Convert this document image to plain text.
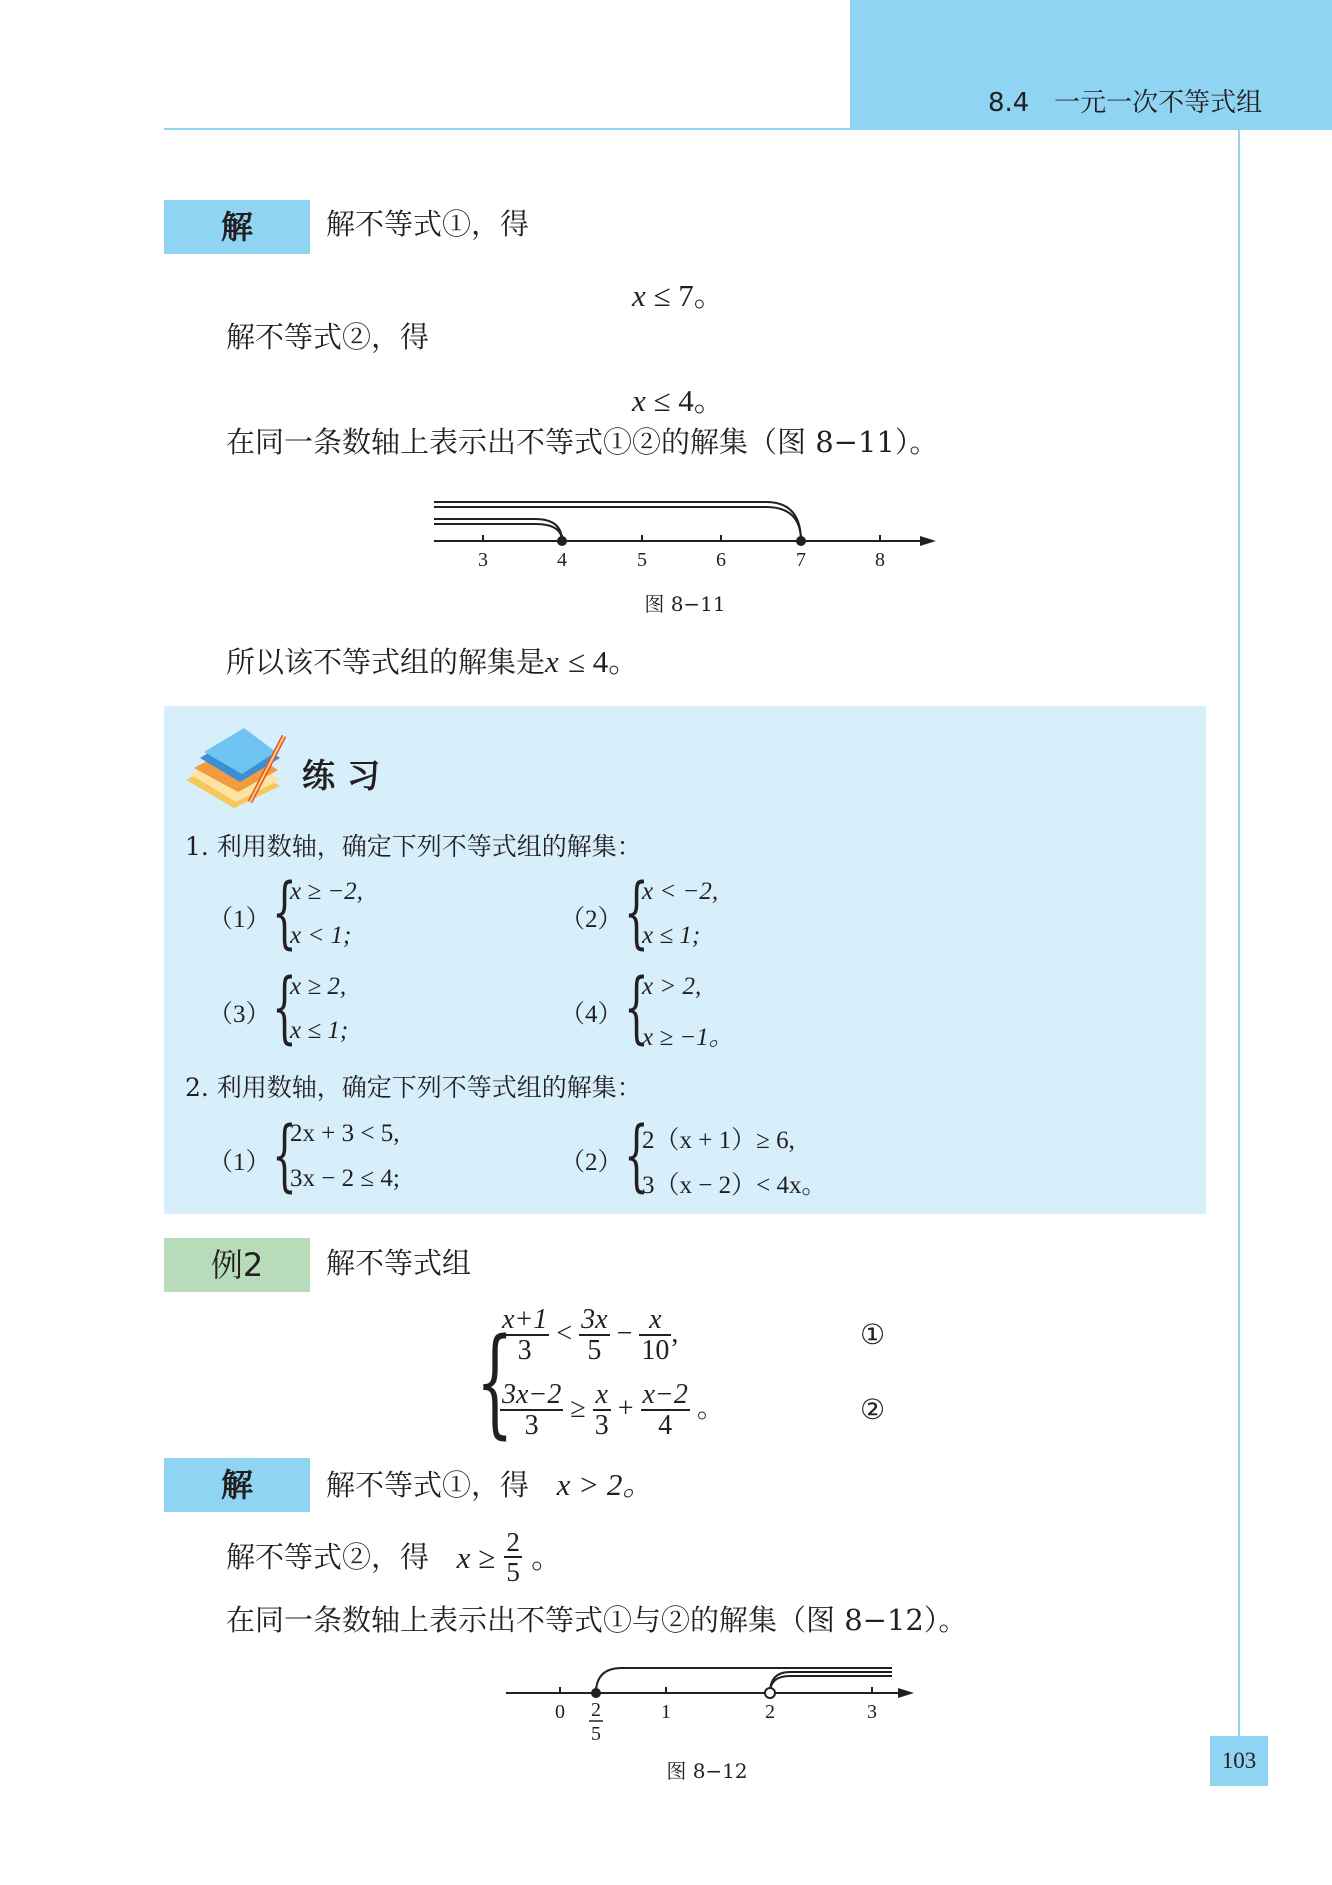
8.4 一元一次不等式组
解	解不等式①，得
x ≤ 7。
解不等式②，得
x ≤ 4。
在同一条数轴上表示出不等式①②的解集（图 8−11）。
3	4	5	6	7	8
图 8−11
所以该不等式组的解集是x ≤ 4。
练习
1. 利用数轴，确定下列不等式组的解集：
（1） {
x ≥ −2,
x < 1;
（2） {
x < −2,
x ≤ 1;
（3） {
x ≥ 2,
x ≤ 1;
（4） {
x > 2,
x ≥ −1。
2. 利用数轴，确定下列不等式组的解集：
（1） {
2x + 3 < 5,
3x − 2 ≤ 4;
（2） {
2（x + 1）≥ 6,
3（x − 2）< 4x。
例2	解不等式组
{
$\frac{x+1}{3} < \frac{3x}{5} - \frac{x}{10}$ ,	①
$\frac{3x-2}{3} \ge \frac{x}{3} + \frac{x-2}{4}$ 。	②
解	解不等式①，得 x > 2。
解不等式②，得 $x \ge \frac{2}{5}$ 。
在同一条数轴上表示出不等式①与②的解集（图 8−12）。
0 2
5
1	2	3
图 8−12	103
